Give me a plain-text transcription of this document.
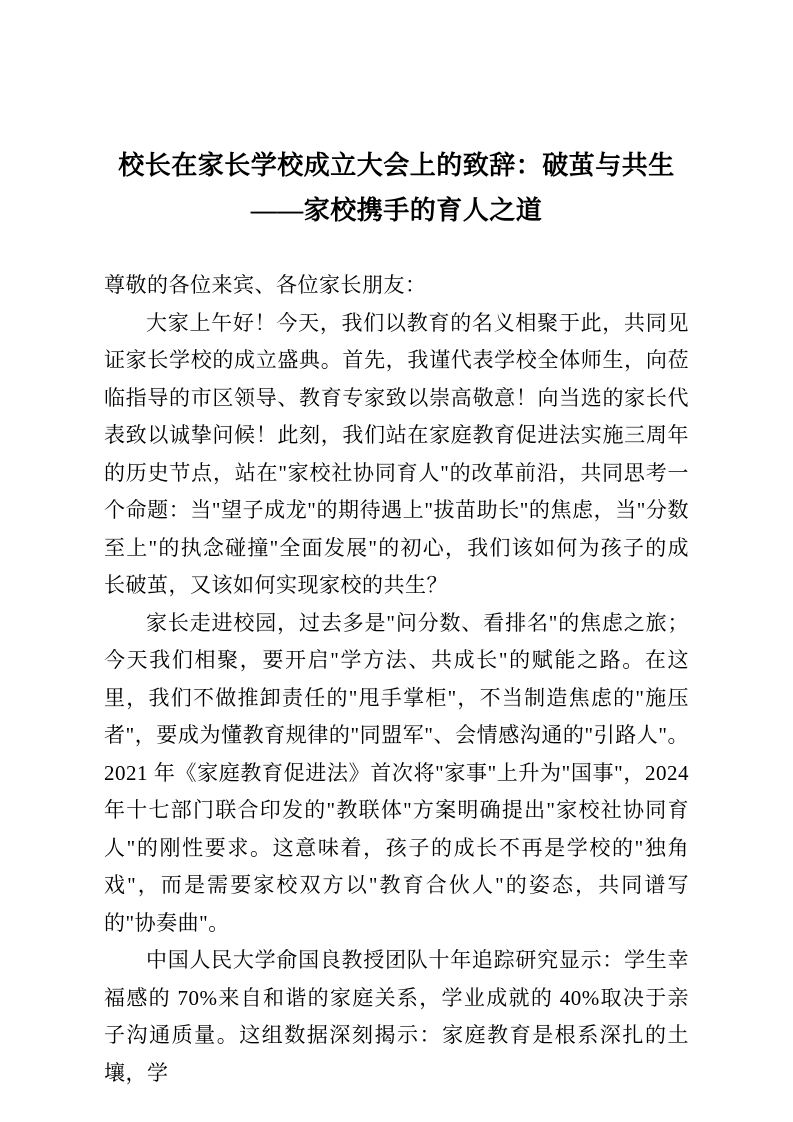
校长在家长学校成立大会上的致辞：破茧与共生——家校携手的育人之道

尊敬的各位来宾、各位家长朋友：

大家上午好！今天，我们以教育的名义相聚于此，共同见证家长学校的成立盛典。首先，我谨代表学校全体师生，向莅临指导的市区领导、教育专家致以崇高敬意！向当选的家长代表致以诚挚问候！此刻，我们站在家庭教育促进法实施三周年的历史节点，站在"家校社协同育人"的改革前沿，共同思考一个命题：当"望子成龙"的期待遇上"拔苗助长"的焦虑，当"分数至上"的执念碰撞"全面发展"的初心，我们该如何为孩子的成长破茧，又该如何实现家校的共生？

家长走进校园，过去多是"问分数、看排名"的焦虑之旅；今天我们相聚，要开启"学方法、共成长"的赋能之路。在这里，我们不做推卸责任的"甩手掌柜"，不当制造焦虑的"施压者"，要成为懂教育规律的"同盟军"、会情感沟通的"引路人"。2021 年《家庭教育促进法》首次将"家事"上升为"国事"，2024 年十七部门联合印发的"教联体"方案明确提出"家校社协同育人"的刚性要求。这意味着，孩子的成长不再是学校的"独角戏"，而是需要家校双方以"教育合伙人"的姿态，共同谱写的"协奏曲"。

中国人民大学俞国良教授团队十年追踪研究显示：学生幸福感的 70%来自和谐的家庭关系，学业成就的 40%取决于亲子沟通质量。这组数据深刻揭示：家庭教育是根系深扎的土壤，学
